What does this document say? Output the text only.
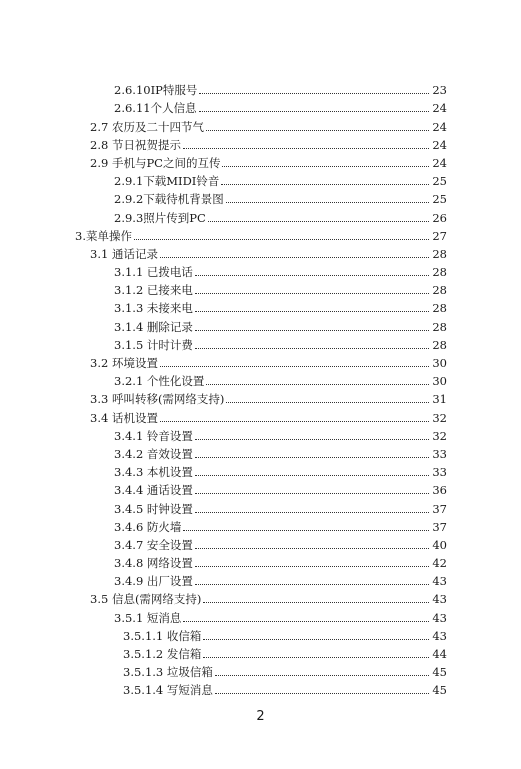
2.6.10IP特服号	23
2.6.11个人信息	24
2.7 农历及二十四节气	24
2.8 节日祝贺提示	24
2.9 手机与PC之间的互传	24
2.9.1下载MIDI铃音	25
2.9.2下载待机背景图	25
2.9.3照片传到PC	26
3.菜单操作	27
3.1 通话记录	28
3.1.1 已拨电话	28
3.1.2 已接来电	28
3.1.3 未接来电	28
3.1.4 删除记录	28
3.1.5 计时计费	28
3.2 环境设置	30
3.2.1 个性化设置	30
3.3 呼叫转移(需网络支持)	31
3.4 话机设置	32
3.4.1 铃音设置	32
3.4.2 音效设置	33
3.4.3 本机设置	33
3.4.4 通话设置	36
3.4.5 时钟设置	37
3.4.6 防火墙	37
3.4.7 安全设置	40
3.4.8 网络设置	42
3.4.9 出厂设置	43
3.5 信息(需网络支持)	43
3.5.1 短消息	43
3.5.1.1 收信箱	43
3.5.1.2 发信箱	44
3.5.1.3 垃圾信箱	45
3.5.1.4 写短消息	45
2
